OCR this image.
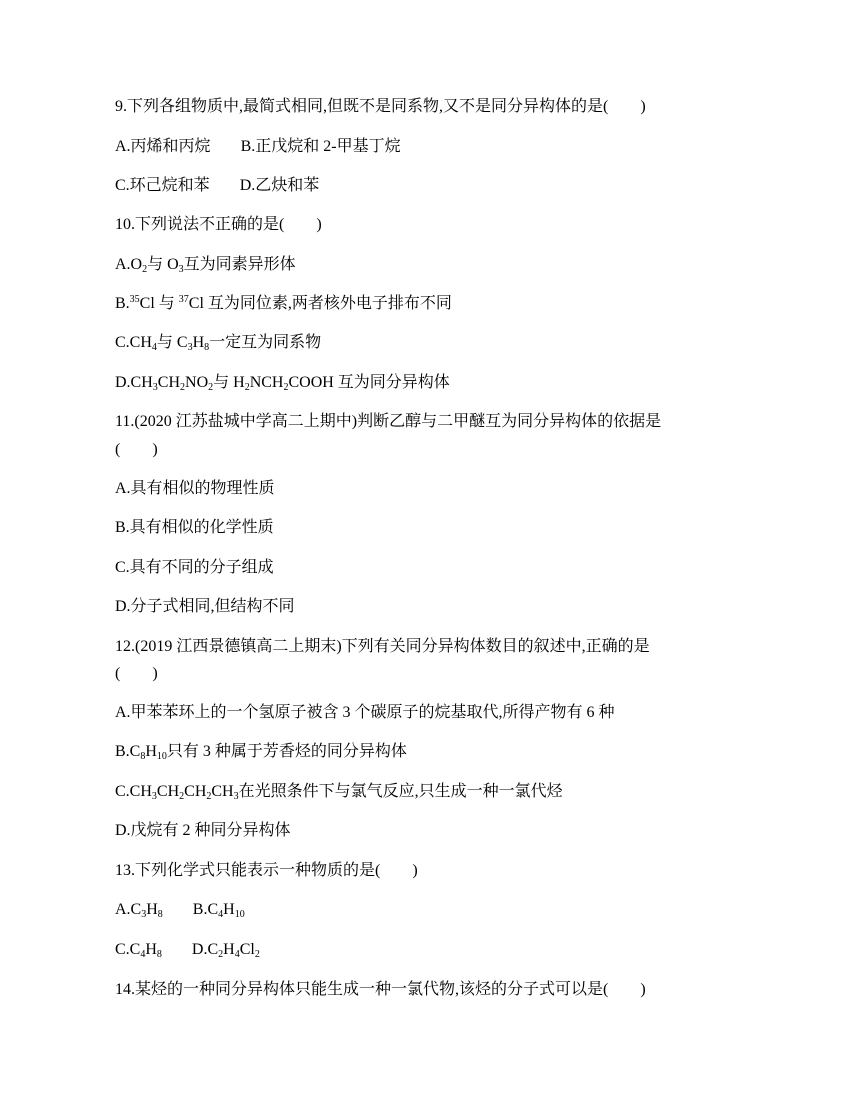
9.下列各组物质中,最简式相同,但既不是同系物,又不是同分异构体的是(　　)
A.丙烯和丙烷 B.正戊烷和 2-甲基丁烷
C.环己烷和苯 D.乙炔和苯
10.下列说法不正确的是(　　)
$A.O_2$与 $O_3$互为同素异形体
B.$^{35}$Cl 与 $^{37}$Cl 互为同位素,两者核外电子排布不同
$C.CH_4$与 $C_3H_8$一定互为同系物
$D.CH_3CH_2NO_2$与 $H_2NCH_2COOH$ 互为同分异构体
11.(2020 江苏盐城中学高二上期中)判断乙醇与二甲醚互为同分异构体的依据是
(　　)
A.具有相似的物理性质
B.具有相似的化学性质
C.具有不同的分子组成
D.分子式相同,但结构不同
12.(2019 江西景德镇高二上期末)下列有关同分异构体数目的叙述中,正确的是
(　　)
A.甲苯苯环上的一个氢原子被含 3 个碳原子的烷基取代,所得产物有 6 种
$B.C_8H_{10}$只有 3 种属于芳香烃的同分异构体
$C.CH_3CH_2CH_2CH_3$在光照条件下与氯气反应,只生成一种一氯代烃
D.戊烷有 2 种同分异构体
13.下列化学式只能表示一种物质的是(　　)
$A.C_3H_8$ $B.C_4H_{10}$
$C.C_4H_8$ $D.C_2H_4Cl_2$
14.某烃的一种同分异构体只能生成一种一氯代物,该烃的分子式可以是(　　)
